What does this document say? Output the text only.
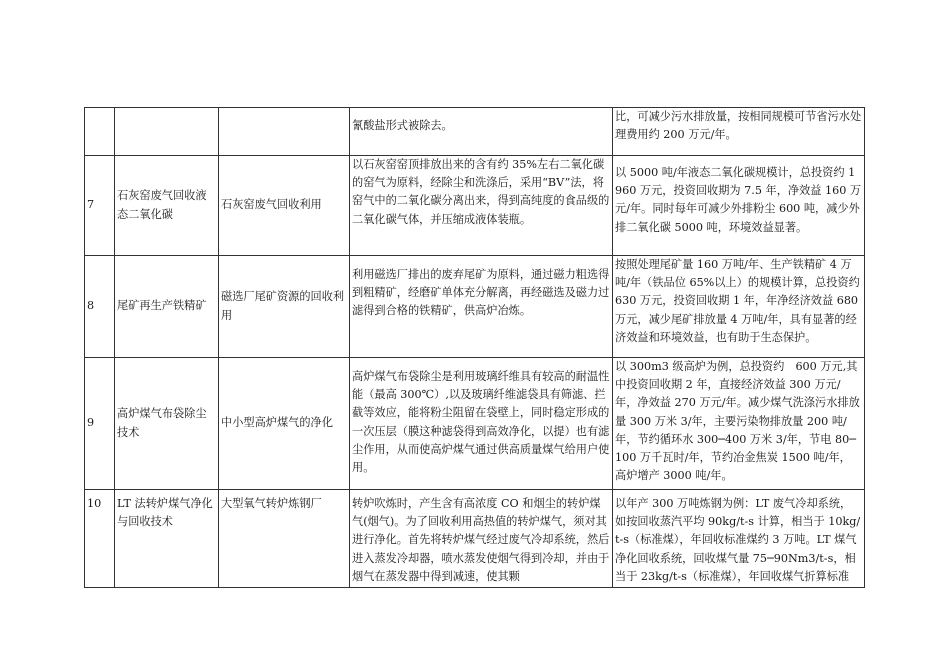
			氰酸盐形式被除去。	比，可减少污水排放量，按相同规模可节省污水处理费用约 200 万元/年。
7	石灰窑废气回收液态二氧化碳	石灰窑废气回收利用	以石灰窑窑顶排放出来的含有约 35%左右二氧化碳的窑气为原料，经除尘和洗涤后，采用“BV”法，将窑气中的二氧化碳分离出来，得到高纯度的食品级的二氧化碳气体，并压缩成液体装瓶。	以 5000 吨/年液态二氧化碳规模计，总投资约 1960 万元，投资回收期为 7.5 年，净效益 160 万元/年。同时每年可减少外排粉尘 600 吨，减少外排二氧化碳 5000 吨，环境效益显著。
8	尾矿再生产铁精矿	磁选厂尾矿资源的回收利用	利用磁选厂排出的废弃尾矿为原料，通过磁力粗选得到粗精矿，经磨矿单体充分解离，再经磁选及磁力过滤得到合格的铁精矿，供高炉冶炼。	按照处理尾矿量 160 万吨/年、生产铁精矿 4 万吨/年（铁品位 65%以上）的规模计算，总投资约 630 万元，投资回收期 1 年，年净经济效益 680 万元，减少尾矿排放量 4 万吨/年，具有显著的经济效益和环境效益，也有助于生态保护。
9	高炉煤气布袋除尘技术	中小型高炉煤气的净化	高炉煤气布袋除尘是利用玻璃纤维具有较高的耐温性能（最高 300℃）,以及玻璃纤维滤袋具有筛滤、拦截等效应，能将粉尘阻留在袋壁上，同时稳定形成的一次压层（膜这种滤袋得到高效净化，以提）也有滤尘作用，从而使高炉煤气通过供高质量煤气给用户使用。	以 300m3 级高炉为例，总投资约　600 万元,其中投资回收期 2 年，直接经济效益 300 万元/年，净效益 270 万元/年。减少煤气洗涤污水排放量 300 万米 3/年，主要污染物排放量 200 吨/年，节约循环水 300─400 万米 3/年，节电 80─100 万千瓦时/年，节约冶金焦炭 1500 吨/年，高炉增产 3000 吨/年。
10	LT 法转炉煤气净化与回收技术	大型氧气转炉炼钢厂	转炉吹炼时，产生含有高浓度 CO 和烟尘的转炉煤气(烟气)。为了回收利用高热值的转炉煤气，须对其进行净化。首先将转炉煤气经过废气冷却系统，然后进入蒸发冷却器，喷水蒸发使烟气得到冷却，并由于烟气在蒸发器中得到减速，使其颗	以年产 300 万吨炼钢为例：LT 废气冷却系统，如按回收蒸汽平均 90kg/t-s 计算，相当于 10kg/t-s（标准煤），年回收标准煤约 3 万吨。LT 煤气净化回收系统，回收煤气量 75─90Nm3/t-s，相当于 23kg/t-s（标准煤），年回收煤气折算标准
